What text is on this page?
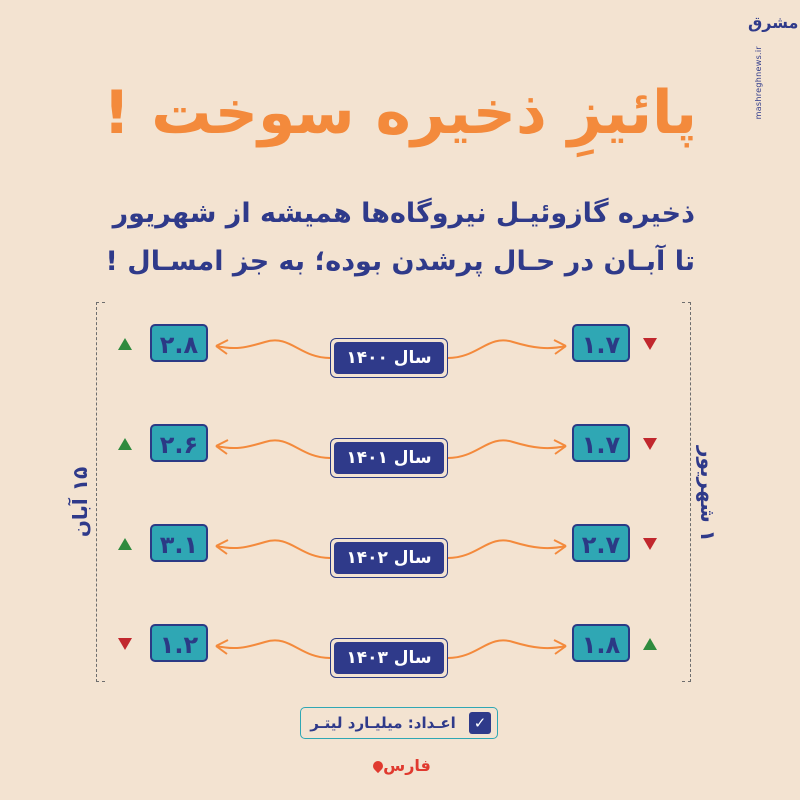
مشرق
mashreghnews.ir
پائیزِ ذخیره سوخت !
ذخیره گازوئیـل نیروگاه‌ها همیشه از شهریور
تا آبـان در حـال پرشدن بوده؛ به جز امسـال !
۱۵ آبان	۱ شهریور
۲.۸	سال ۱۴۰۰	۱.۷
۲.۶	سال ۱۴۰۱	۱.۷
۳.۱	سال ۱۴۰۲	۲.۷
۱.۲	سال ۱۴۰۳	۱.۸
اعـداد: میلیـارد لیتـر	✓
فارس
